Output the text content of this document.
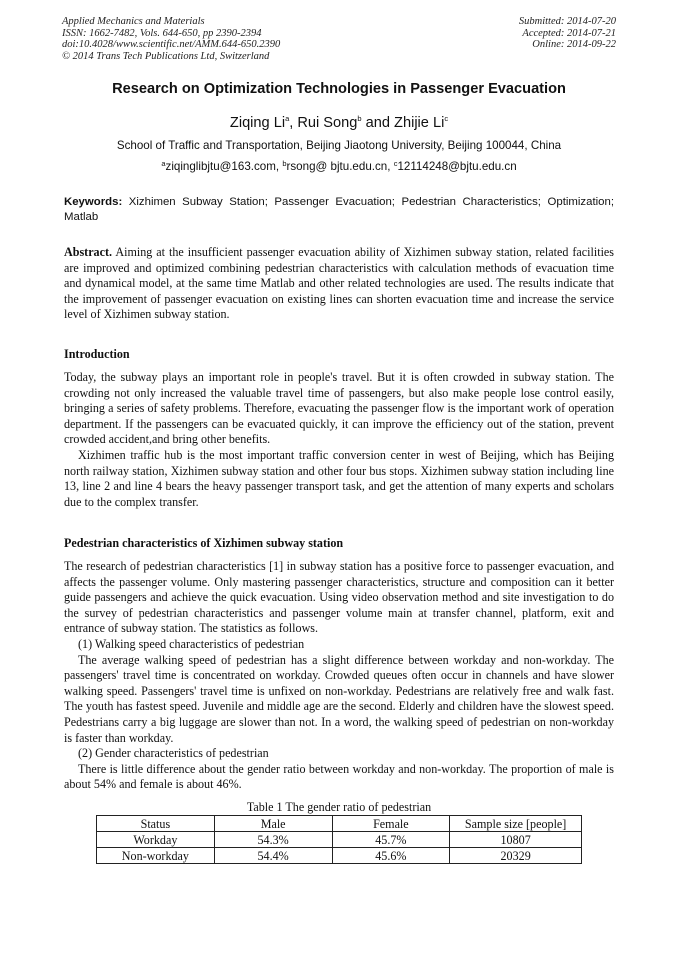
Applied Mechanics and Materials
ISSN: 1662-7482, Vols. 644-650, pp 2390-2394
doi:10.4028/www.scientific.net/AMM.644-650.2390
© 2014 Trans Tech Publications Ltd, Switzerland
Submitted: 2014-07-20
Accepted: 2014-07-21
Online: 2014-09-22
Research on Optimization Technologies in Passenger Evacuation
Ziqing Li$^a$, Rui Song$^b$ and Zhijie Li$^c$
School of Traffic and Transportation, Beijing Jiaotong University, Beijing 100044, China
$^a$ziqinglibjtu@163.com, $^b$rsong@ bjtu.edu.cn, $^c$12114248@bjtu.edu.cn
Keywords: Xizhimen Subway Station; Passenger Evacuation; Pedestrian Characteristics; Optimization; Matlab
Abstract. Aiming at the insufficient passenger evacuation ability of Xizhimen subway station, related facilities are improved and optimized combining pedestrian characteristics with calculation methods of evacuation time and dynamical model, at the same time Matlab and other related technologies are used. The results indicate that the improvement of passenger evacuation on existing lines can shorten evacuation time and increase the service level of Xizhimen subway station.
Introduction

Today, the subway plays an important role in people's travel. But it is often crowded in subway station. The crowding not only increased the valuable travel time of passengers, but also make people lose control easily, bringing a series of safety problems. Therefore, evacuating the passenger flow is the important work of operation department. If the passengers can be evacuated quickly, it can improve the efficiency out of the station, prevent crowded accident,and bring other benefits.

Xizhimen traffic hub is the most important traffic conversion center in west of Beijing, which has Beijing north railway station, Xizhimen subway station and other four bus stops. Xizhimen subway station including line 13, line 2 and line 4 bears the heavy passenger transport task, and get the attention of many experts and scholars due to the complex transfer.

Pedestrian characteristics of Xizhimen subway station

The research of pedestrian characteristics [1] in subway station has a positive force to passenger evacuation, and affects the passenger volume. Only mastering passenger characteristics, structure and composition can it better guide passengers and achieve the quick evacuation. Using video observation method and site investigation to do the survey of pedestrian characteristics and passenger volume main at transfer channel, platform, exit and entrance of subway station. The statistics as follows.

(1) Walking speed characteristics of pedestrian

The average walking speed of pedestrian has a slight difference between workday and non-workday. The passengers' travel time is concentrated on workday. Crowded queues often occur in channels and have slower walking speed. Passengers' travel time is unfixed on non-workday. Pedestrians are relatively free and walk fast. The youth has fastest speed. Juvenile and middle age are the second. Elderly and children have the slowest speed. Pedestrians carry a big luggage are slower than not. In a word, the walking speed of pedestrian on non-workday is faster than workday.

(2) Gender characteristics of pedestrian

There is little difference about the gender ratio between workday and non-workday. The proportion of male is about 54% and female is about 46%.

Table 1 The gender ratio of pedestrian
Status	Male	Female	Sample size [people]
Workday	54.3%	45.7%	10807
Non-workday	54.4%	45.6%	20329
